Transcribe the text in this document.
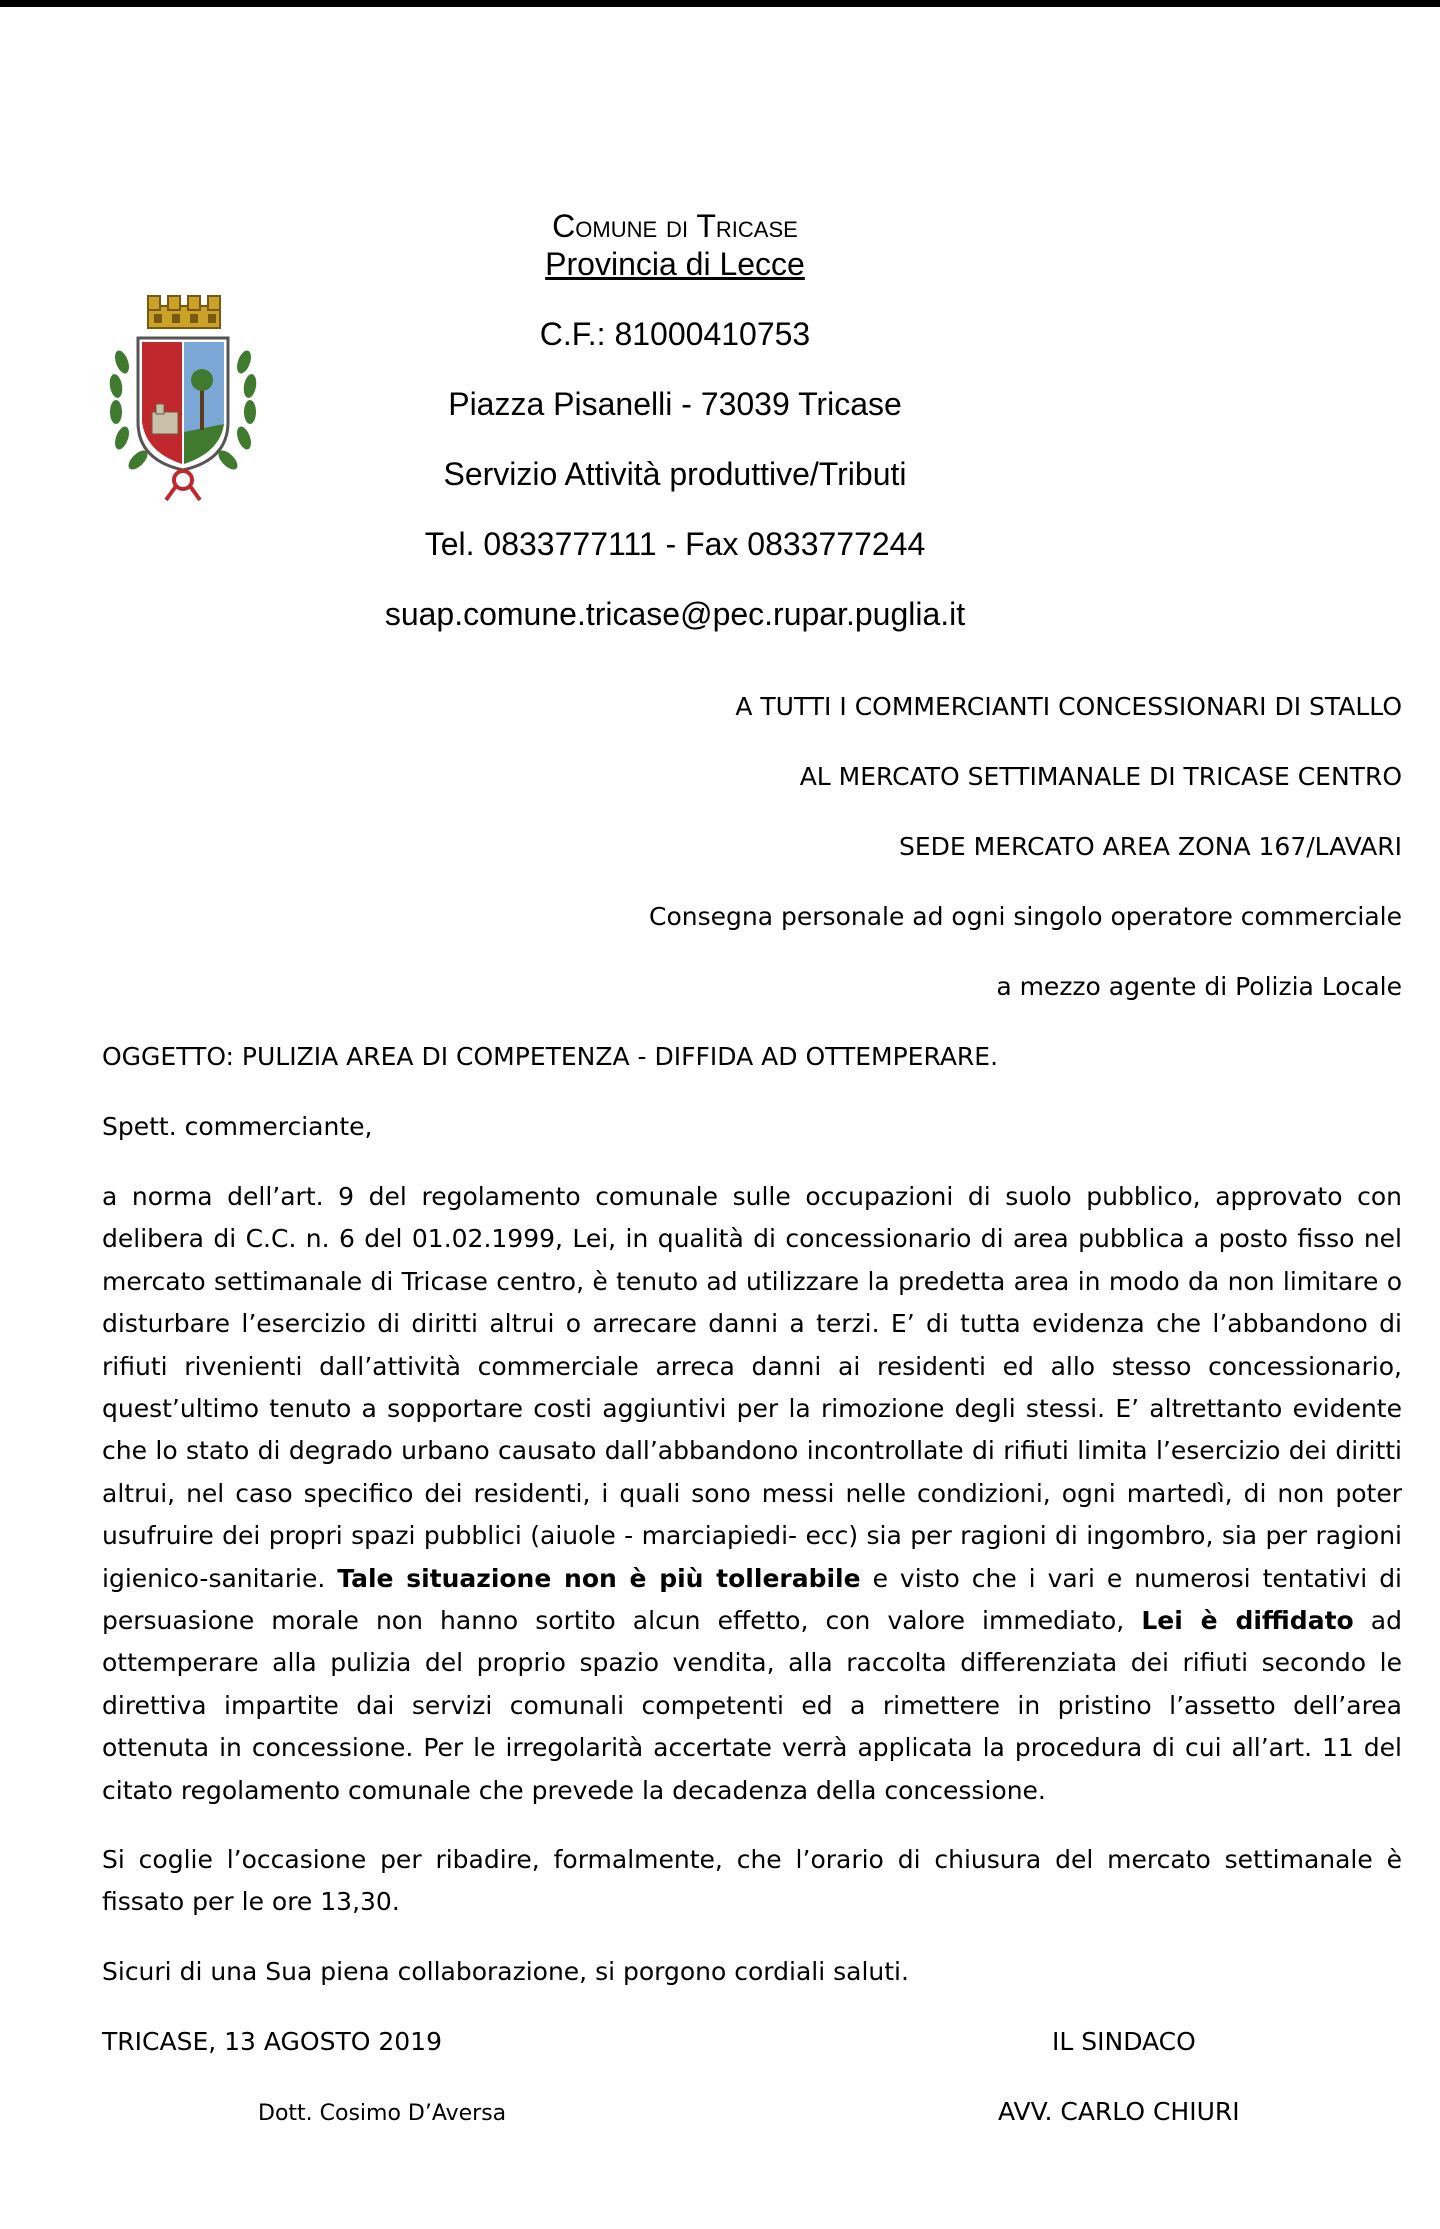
Comune di Tricase
Provincia di Lecce
C.F.: 81000410753
Piazza Pisanelli - 73039 Tricase
Servizio Attività produttive/Tributi
Tel. 0833777111 - Fax 0833777244
suap.comune.tricase@pec.rupar.puglia.it
A TUTTI I COMMERCIANTI CONCESSIONARI DI STALLO
AL MERCATO SETTIMANALE DI TRICASE CENTRO
SEDE MERCATO AREA ZONA 167/LAVARI
Consegna personale ad ogni singolo operatore commerciale
a mezzo agente di Polizia Locale
OGGETTO: PULIZIA AREA DI COMPETENZA - DIFFIDA AD OTTEMPERARE.
Spett. commerciante,

a norma dell’art. 9 del regolamento comunale sulle occupazioni di suolo pubblico, approvato con delibera di C.C. n. 6 del 01.02.1999, Lei, in qualità di concessionario di area pubblica a posto fisso nel mercato settimanale di Tricase centro, è tenuto ad utilizzare la predetta area in modo da non limitare o disturbare l’esercizio di diritti altrui o arrecare danni a terzi. E’ di tutta evidenza che l’abbandono di rifiuti rivenienti dall’attività commerciale arreca danni ai residenti ed allo stesso concessionario, quest’ultimo tenuto a sopportare costi aggiuntivi per la rimozione degli stessi. E’ altrettanto evidente che lo stato di degrado urbano causato dall’abbandono incontrollate di rifiuti limita l’esercizio dei diritti altrui, nel caso specifico dei residenti, i quali sono messi nelle condizioni, ogni martedì, di non poter usufruire dei propri spazi pubblici (aiuole - marciapiedi- ecc) sia per ragioni di ingombro, sia per ragioni igienico-sanitarie. Tale situazione non è più tollerabile e visto che i vari e numerosi tentativi di persuasione morale non hanno sortito alcun effetto, con valore immediato, Lei è diffidato ad ottemperare alla pulizia del proprio spazio vendita, alla raccolta differenziata dei rifiuti secondo le direttiva impartite dai servizi comunali competenti ed a rimettere in pristino l’assetto dell’area ottenuta in concessione. Per le irregolarità accertate verrà applicata la procedura di cui all’art. 11 del citato regolamento comunale che prevede la decadenza della concessione.

Si coglie l’occasione per ribadire, formalmente, che l’orario di chiusura del mercato settimanale è fissato per le ore 13,30.

Sicuri di una Sua piena collaborazione, si porgono cordiali saluti.

TRICASE, 13 AGOSTO 2019	IL SINDACO
Dott. Cosimo D’Aversa	AVV. CARLO CHIURI
